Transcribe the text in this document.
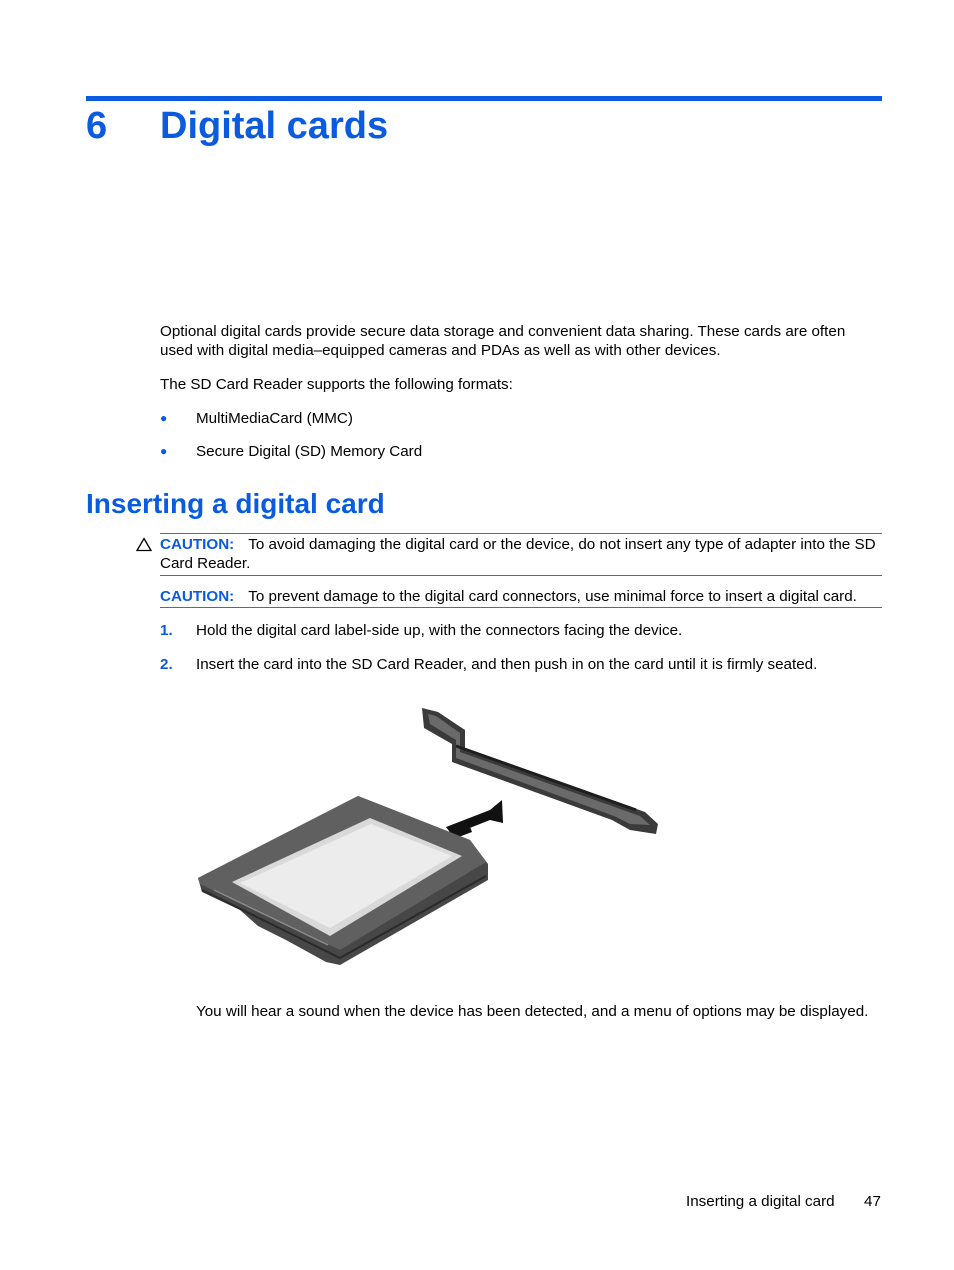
6 Digital cards

Optional digital cards provide secure data storage and convenient data sharing. These cards are often used with digital media–equipped cameras and PDAs as well as with other devices.

The SD Card Reader supports the following formats:

●	MultiMediaCard (MMC)
●	Secure Digital (SD) Memory Card
Inserting a digital card
CAUTION: To avoid damaging the digital card or the device, do not insert any type of adapter into the SD Card Reader.
CAUTION: To prevent damage to the digital card connectors, use minimal force to insert a digital card.
1.	Hold the digital card label-side up, with the connectors facing the device.
2.	Insert the card into the SD Card Reader, and then push in on the card until it is firmly seated.

You will hear a sound when the device has been detected, and a menu of options may be displayed.

Inserting a digital card 47
